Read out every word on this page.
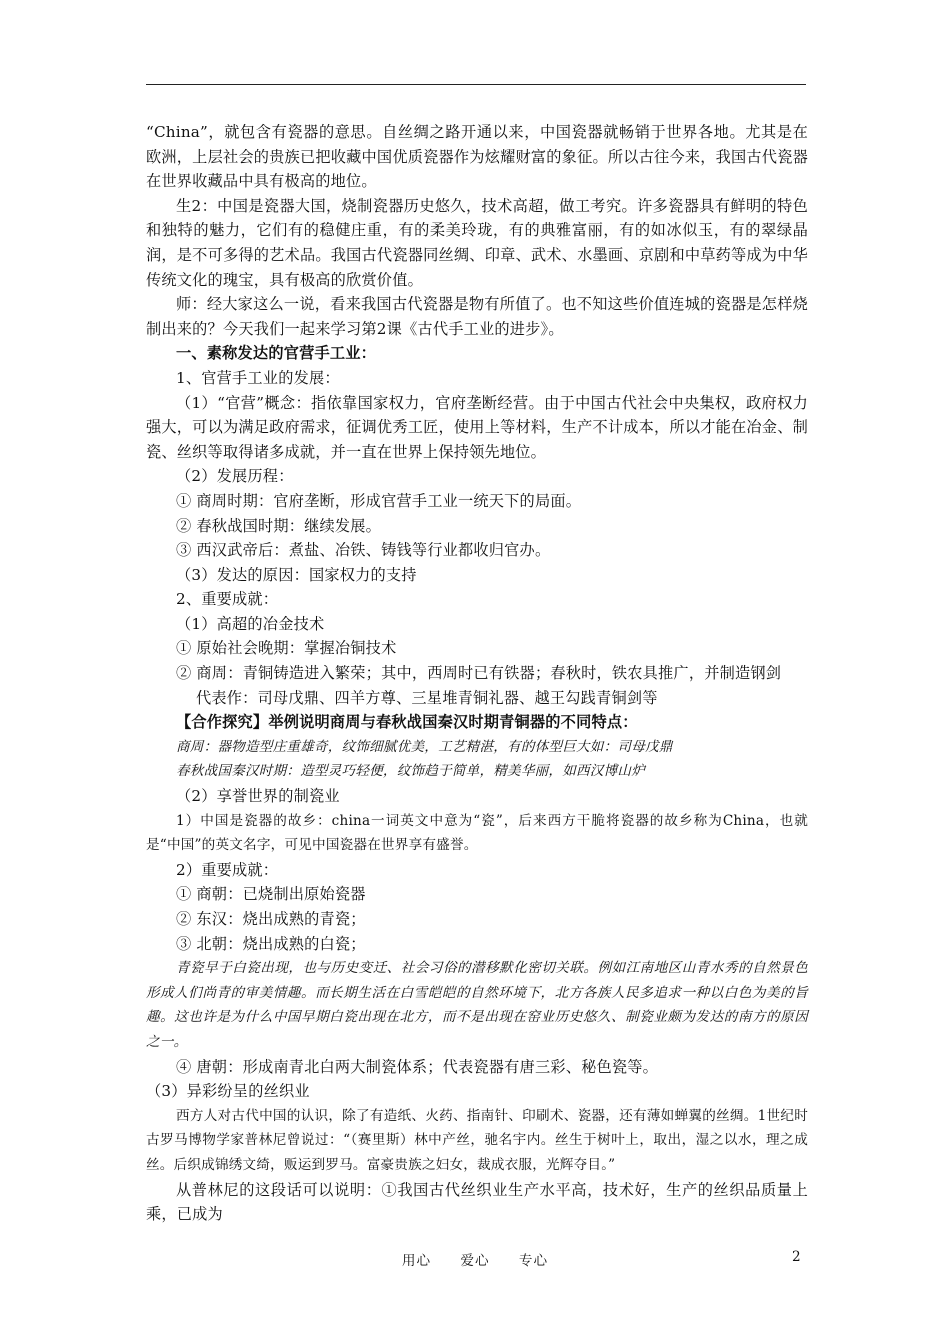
“China”，就包含有瓷器的意思。自丝绸之路开通以来，中国瓷器就畅销于世界各地。尤其是在欧洲，上层社会的贵族已把收藏中国优质瓷器作为炫耀财富的象征。所以古往今来，我国古代瓷器在世界收藏品中具有极高的地位。

生2：中国是瓷器大国，烧制瓷器历史悠久，技术高超，做工考究。许多瓷器具有鲜明的特色和独特的魅力，它们有的稳健庄重，有的柔美玲珑，有的典雅富丽，有的如冰似玉，有的翠绿晶润，是不可多得的艺术品。我国古代瓷器同丝绸、印章、武术、水墨画、京剧和中草药等成为中华传统文化的瑰宝，具有极高的欣赏价值。

师：经大家这么一说，看来我国古代瓷器是物有所值了。也不知这些价值连城的瓷器是怎样烧制出来的？今天我们一起来学习第2课《古代手工业的进步》。

一、素称发达的官营手工业：

1、官营手工业的发展：

（1）“官营”概念：指依靠国家权力，官府垄断经营。由于中国古代社会中央集权，政府权力强大，可以为满足政府需求，征调优秀工匠，使用上等材料，生产不计成本，所以才能在冶金、制瓷、丝织等取得诸多成就，并一直在世界上保持领先地位。

（2）发展历程：

① 商周时期：官府垄断，形成官营手工业一统天下的局面。

② 春秋战国时期：继续发展。

③ 西汉武帝后：煮盐、冶铁、铸钱等行业都收归官办。

（3）发达的原因：国家权力的支持

2、重要成就：

（1）高超的冶金技术

① 原始社会晚期：掌握冶铜技术

② 商周：青铜铸造进入繁荣；其中，西周时已有铁器；春秋时，铁农具推广，并制造钢剑

代表作：司母戊鼎、四羊方尊、三星堆青铜礼器、越王勾践青铜剑等

【合作探究】举例说明商周与春秋战国秦汉时期青铜器的不同特点：

商周：器物造型庄重雄奇，纹饰细腻优美，工艺精湛，有的体型巨大如：司母戊鼎

春秋战国秦汉时期：造型灵巧轻便，纹饰趋于简单，精美华丽，如西汉博山炉

（2）享誉世界的制瓷业

1）中国是瓷器的故乡：china一词英文中意为“瓷”，后来西方干脆将瓷器的故乡称为China，也就是“中国”的英文名字，可见中国瓷器在世界享有盛誉。

2）重要成就：

① 商朝：已烧制出原始瓷器

② 东汉：烧出成熟的青瓷；

③ 北朝：烧出成熟的白瓷；

青瓷早于白瓷出现，也与历史变迁、社会习俗的潜移默化密切关联。例如江南地区山青水秀的自然景色形成人们尚青的审美情趣。而长期生活在白雪皑皑的自然环境下，北方各族人民多追求一种以白色为美的旨趣。这也许是为什么中国早期白瓷出现在北方，而不是出现在窑业历史悠久、制瓷业颇为发达的南方的原因之一。

④ 唐朝：形成南青北白两大制瓷体系；代表瓷器有唐三彩、秘色瓷等。

（3）异彩纷呈的丝织业

西方人对古代中国的认识，除了有造纸、火药、指南针、印刷术、瓷器，还有薄如蝉翼的丝绸。1世纪时古罗马博物学家普林尼曾说过：“（赛里斯）林中产丝，驰名宇内。丝生于树叶上，取出，湿之以水，理之成丝。后织成锦绣文绮，贩运到罗马。富豪贵族之妇女，裁成衣服，光辉夺目。”

从普林尼的这段话可以说明：①我国古代丝织业生产水平高，技术好，生产的丝织品质量上乘，已成为

用心 爱心 专心	2
